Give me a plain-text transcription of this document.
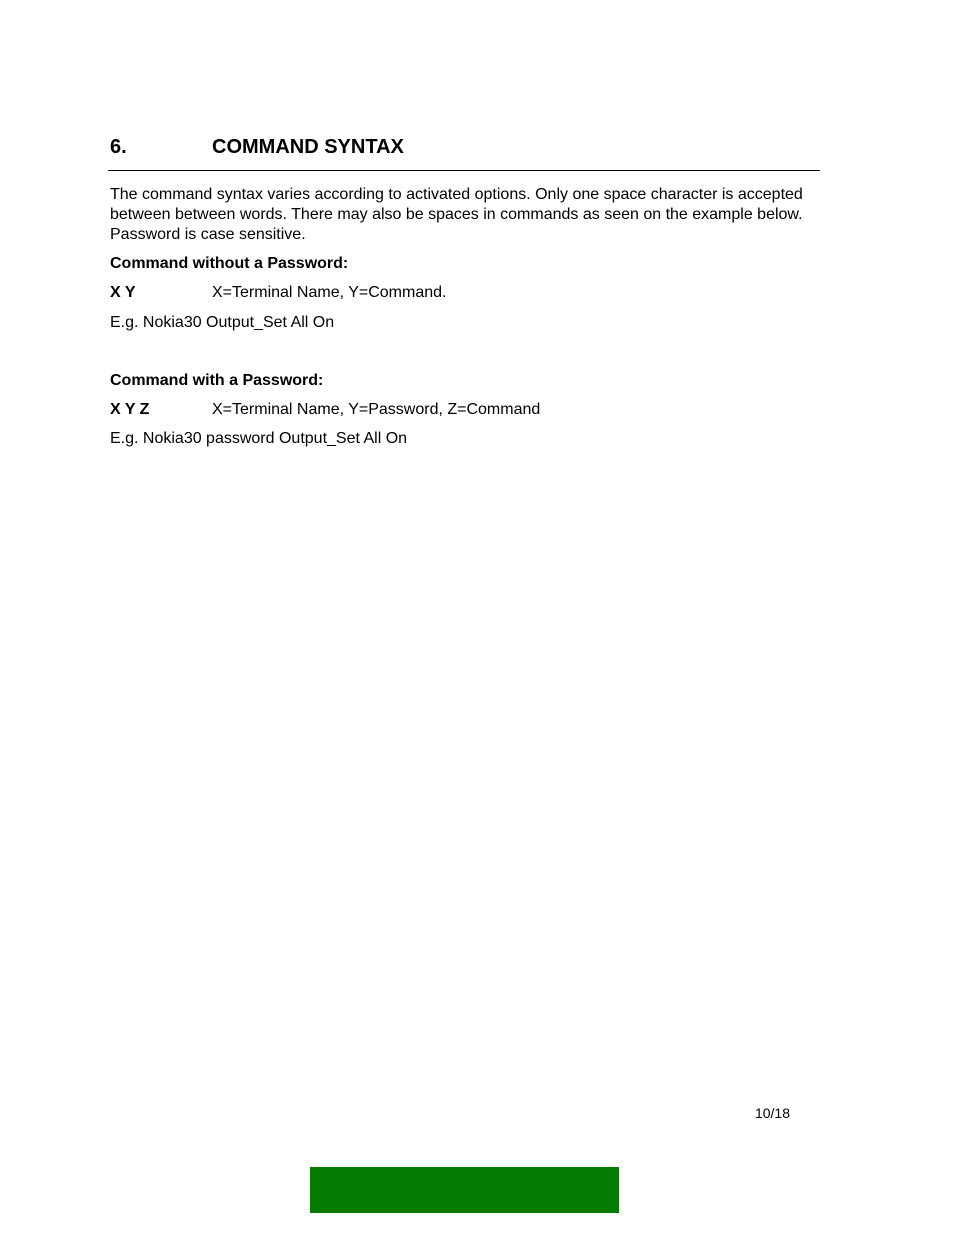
6.	COMMAND SYNTAX
The command syntax varies according to activated options. Only one space character is accepted between between words. There may also be spaces in commands as seen on the example below. Password is case sensitive.
Command without a Password:
X Y	X=Terminal Name, Y=Command.
E.g. Nokia30 Output_Set All On
Command with a Password:
X Y Z	X=Terminal Name, Y=Password, Z=Command
E.g. Nokia30 password Output_Set All On
10/18
